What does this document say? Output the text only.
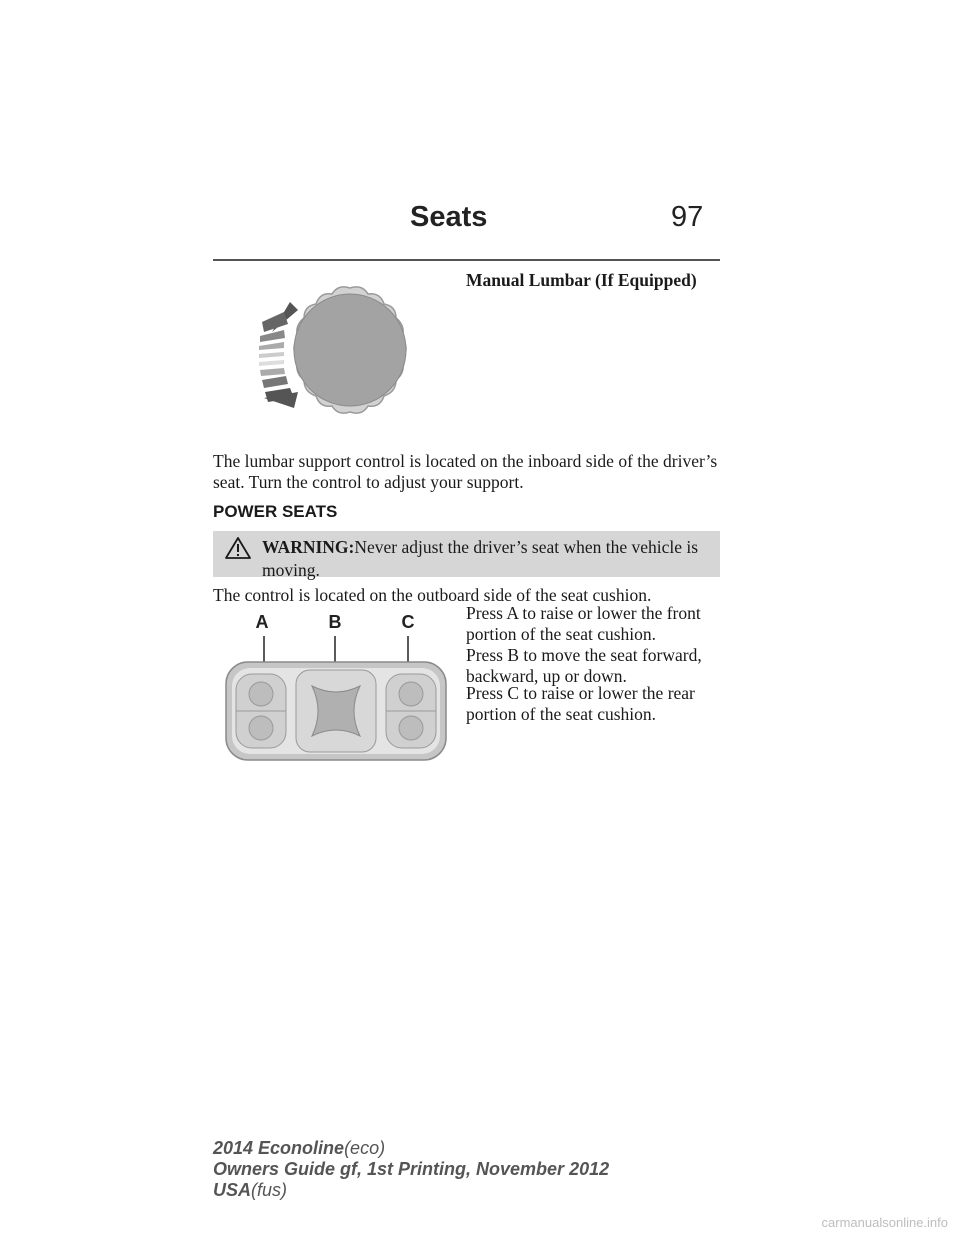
Seats	97
Manual Lumbar (If Equipped)
The lumbar support control is located on the inboard side of the driver’s seat. Turn the control to adjust your support.
POWER SEATS
WARNING:Never adjust the driver’s seat when the vehicle is moving.
The control is located on the outboard side of the seat cushion.
A	B	C	Press A to raise or lower the front portion of the seat cushion.
Press B to move the seat forward, backward, up or down.
Press C to raise or lower the rear portion of the seat cushion.
2014 Econoline(eco)
Owners Guide gf, 1st Printing, November 2012
USA(fus)
carmanualsonline.info
